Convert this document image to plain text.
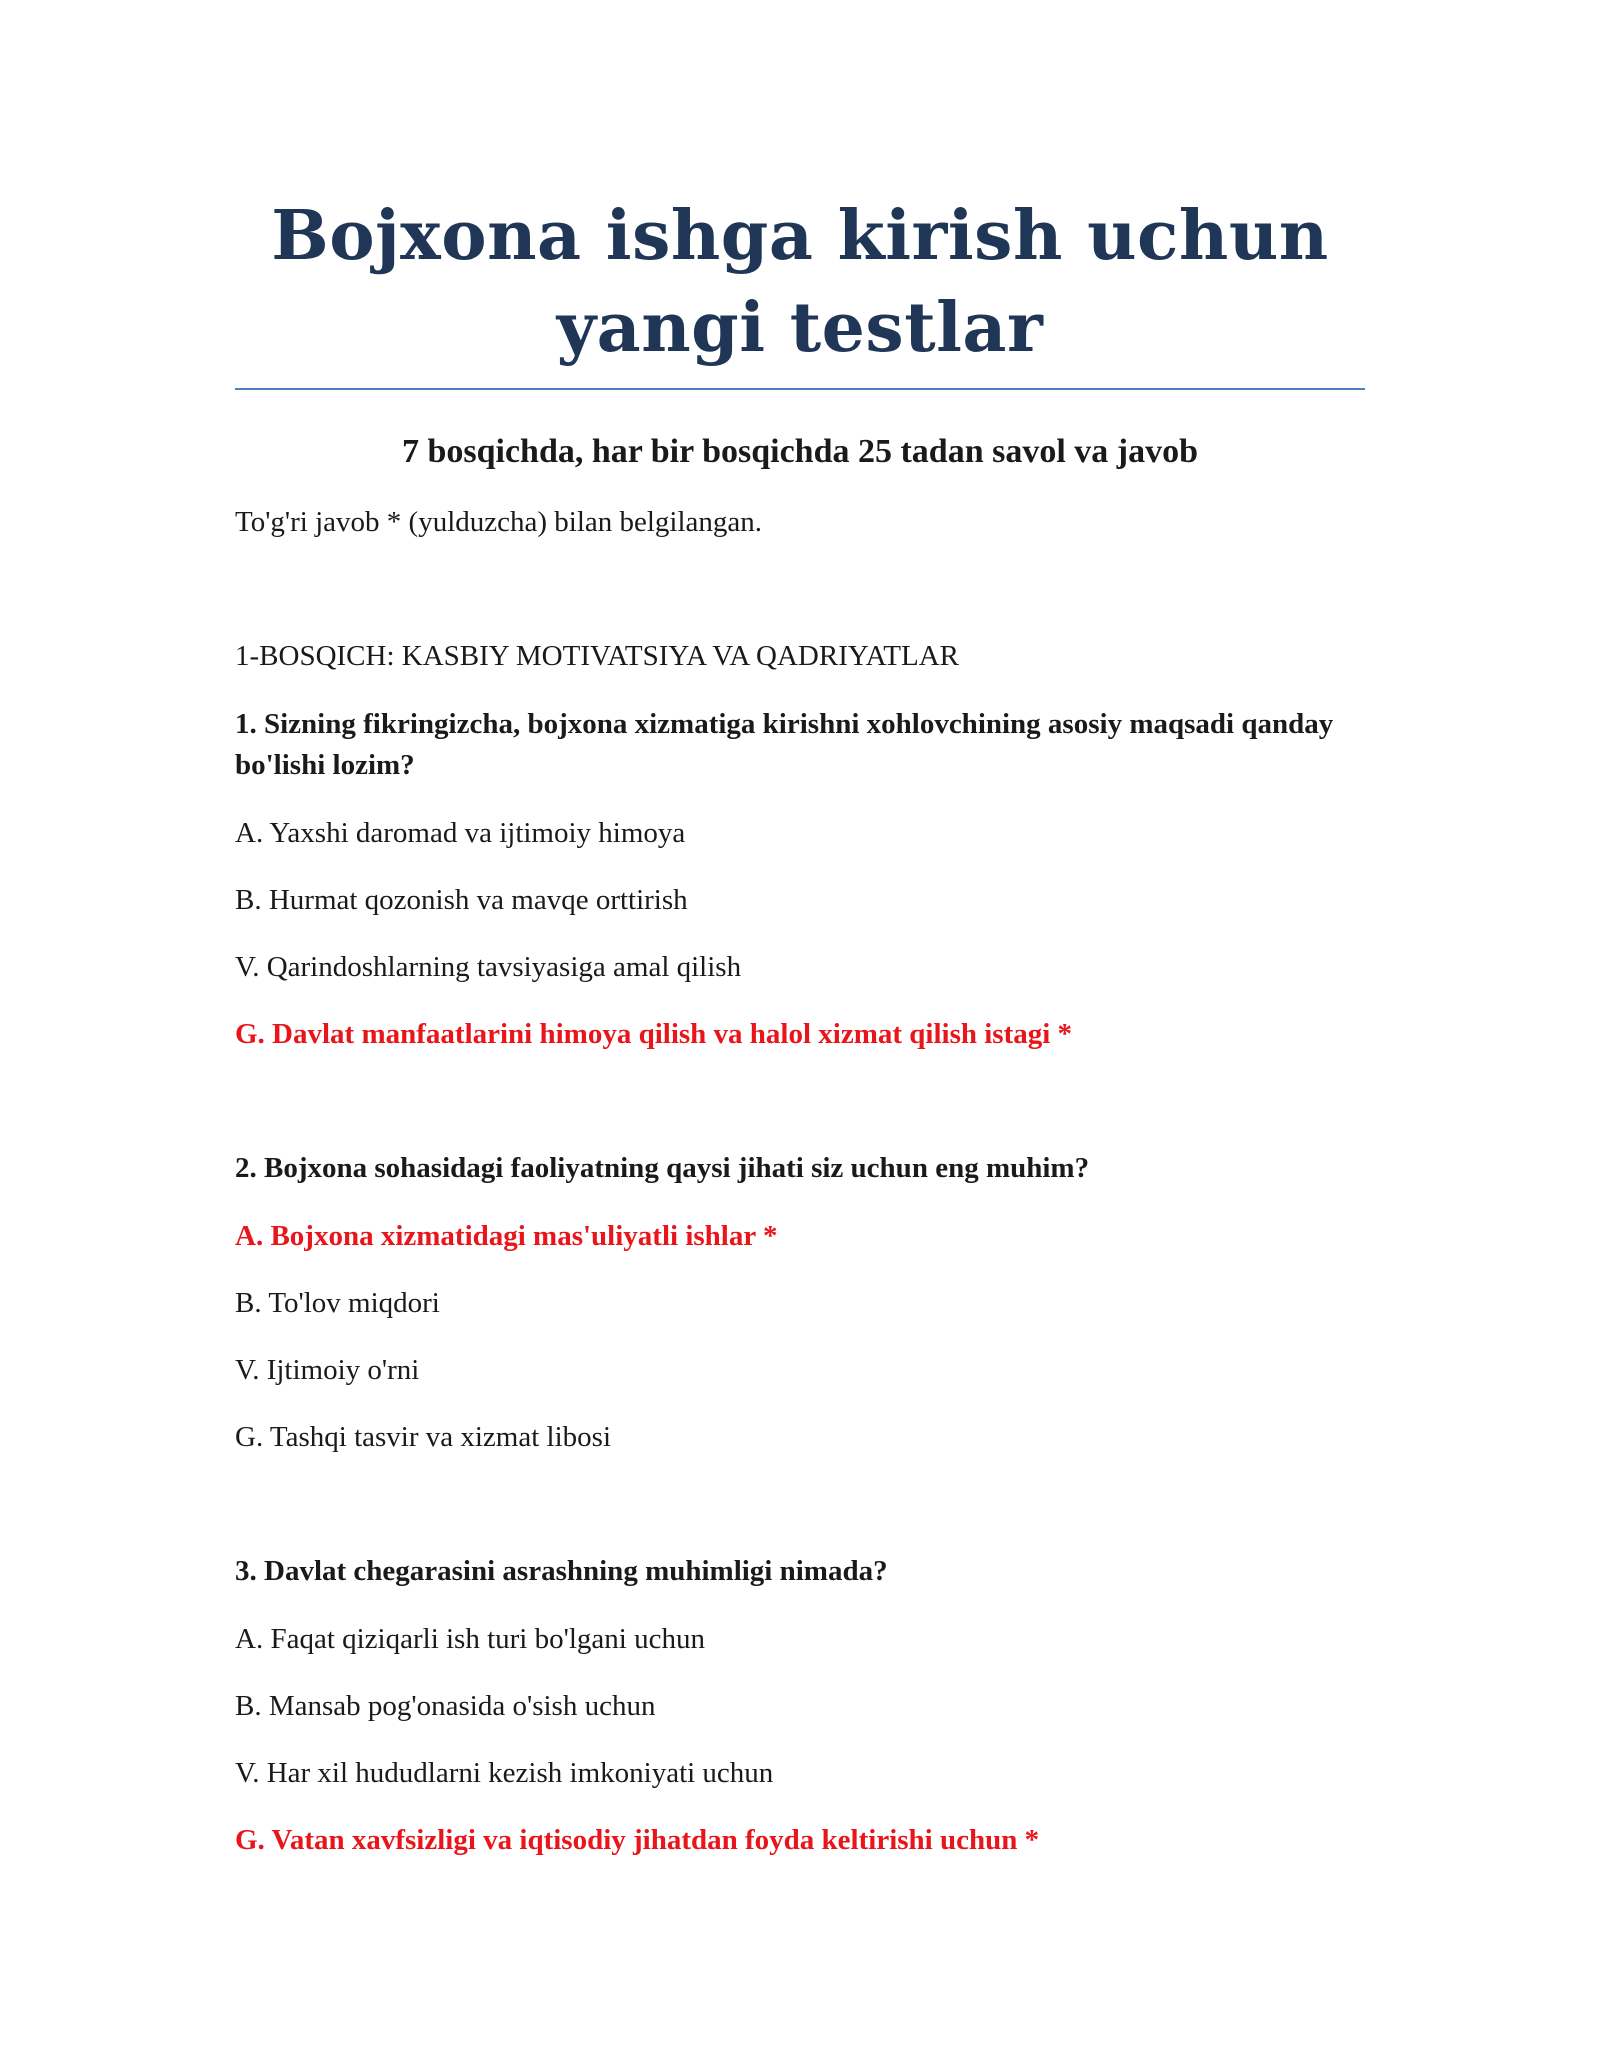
Bojxona ishga kirish uchun
yangi testlar

7 bosqichda, har bir bosqichda 25 tadan savol va javob

To'g'ri javob * (yulduzcha) bilan belgilangan.

1-BOSQICH: KASBIY MOTIVATSIYA VA QADRIYATLAR

1. Sizning fikringizcha, bojxona xizmatiga kirishni xohlovchining asosiy maqsadi qanday bo'lishi lozim?

A. Yaxshi daromad va ijtimoiy himoya

B. Hurmat qozonish va mavqe orttirish

V. Qarindoshlarning tavsiyasiga amal qilish

G. Davlat manfaatlarini himoya qilish va halol xizmat qilish istagi *

2. Bojxona sohasidagi faoliyatning qaysi jihati siz uchun eng muhim?

A. Bojxona xizmatidagi mas'uliyatli ishlar *

B. To'lov miqdori

V. Ijtimoiy o'rni

G. Tashqi tasvir va xizmat libosi

3. Davlat chegarasini asrashning muhimligi nimada?

A. Faqat qiziqarli ish turi bo'lgani uchun

B. Mansab pog'onasida o'sish uchun

V. Har xil hududlarni kezish imkoniyati uchun

G. Vatan xavfsizligi va iqtisodiy jihatdan foyda keltirishi uchun *
